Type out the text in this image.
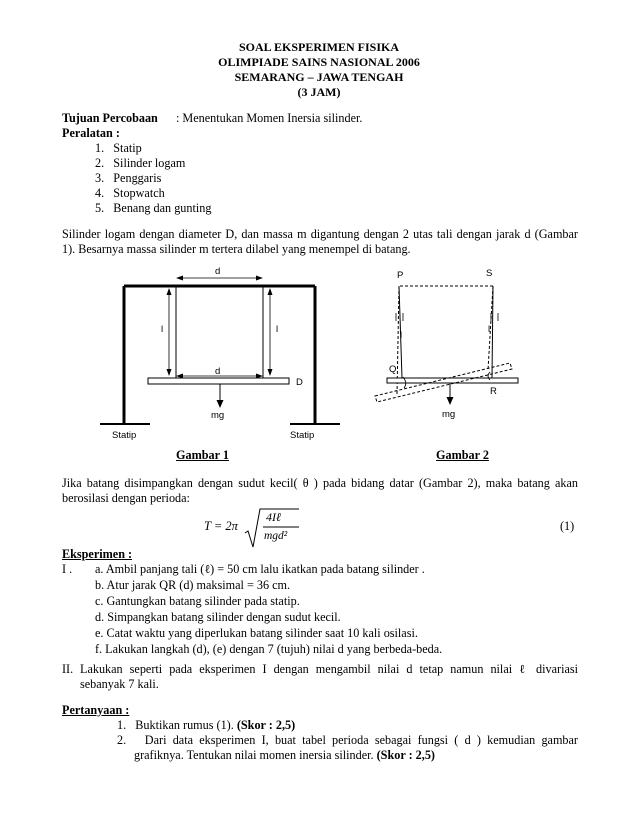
SOAL EKSPERIMEN FISIKA
OLIMPIADE SAINS NASIONAL 2006
SEMARANG – JAWA TENGAH
(3 JAM)
Tujuan Percobaan : Menentukan Momen Inersia silinder.
Peralatan :
1.   Statip
2.   Silinder logam
3.   Penggaris
4.   Stopwatch
5.   Benang dan gunting
Silinder logam dengan diameter D, dan massa m digantung dengan 2 utas tali dengan jarak d (Gambar
1). Besarnya massa silinder m tertera dilabel yang menempel di batang.
d
d
l	l
D
mg
Statip	Statip
P	S
Q
R
l
l
mg
Gambar 1	Gambar 2
Jika batang disimpangkan dengan sudut kecil( θ ) pada bidang datar (Gambar 2), maka batang akan
berosilasi dengan perioda:
T = 2π
4Iℓ
mgd²
(1)
Eksperimen :
I . a. Ambil panjang tali (ℓ) = 50 cm lalu ikatkan pada batang silinder .
b. Atur jarak QR (d) maksimal = 36 cm.
c. Gantungkan batang silinder pada statip.
d. Simpangkan batang silinder dengan sudut kecil.
e. Catat waktu yang diperlukan batang silinder saat 10 kali osilasi.
f. Lakukan langkah (d), (e) dengan 7 (tujuh) nilai d yang berbeda-beda.
II. Lakukan seperti pada eksperimen I dengan mengambil nilai d tetap namun nilai ℓ divariasi
sebanyak 7 kali.
Pertanyaan :
1.   Buktikan rumus (1). (Skor : 2,5)
2.   Dari data eksperimen I, buat tabel perioda sebagai fungsi ( d ) kemudian gambar
grafiknya. Tentukan nilai momen inersia silinder. (Skor : 2,5)
